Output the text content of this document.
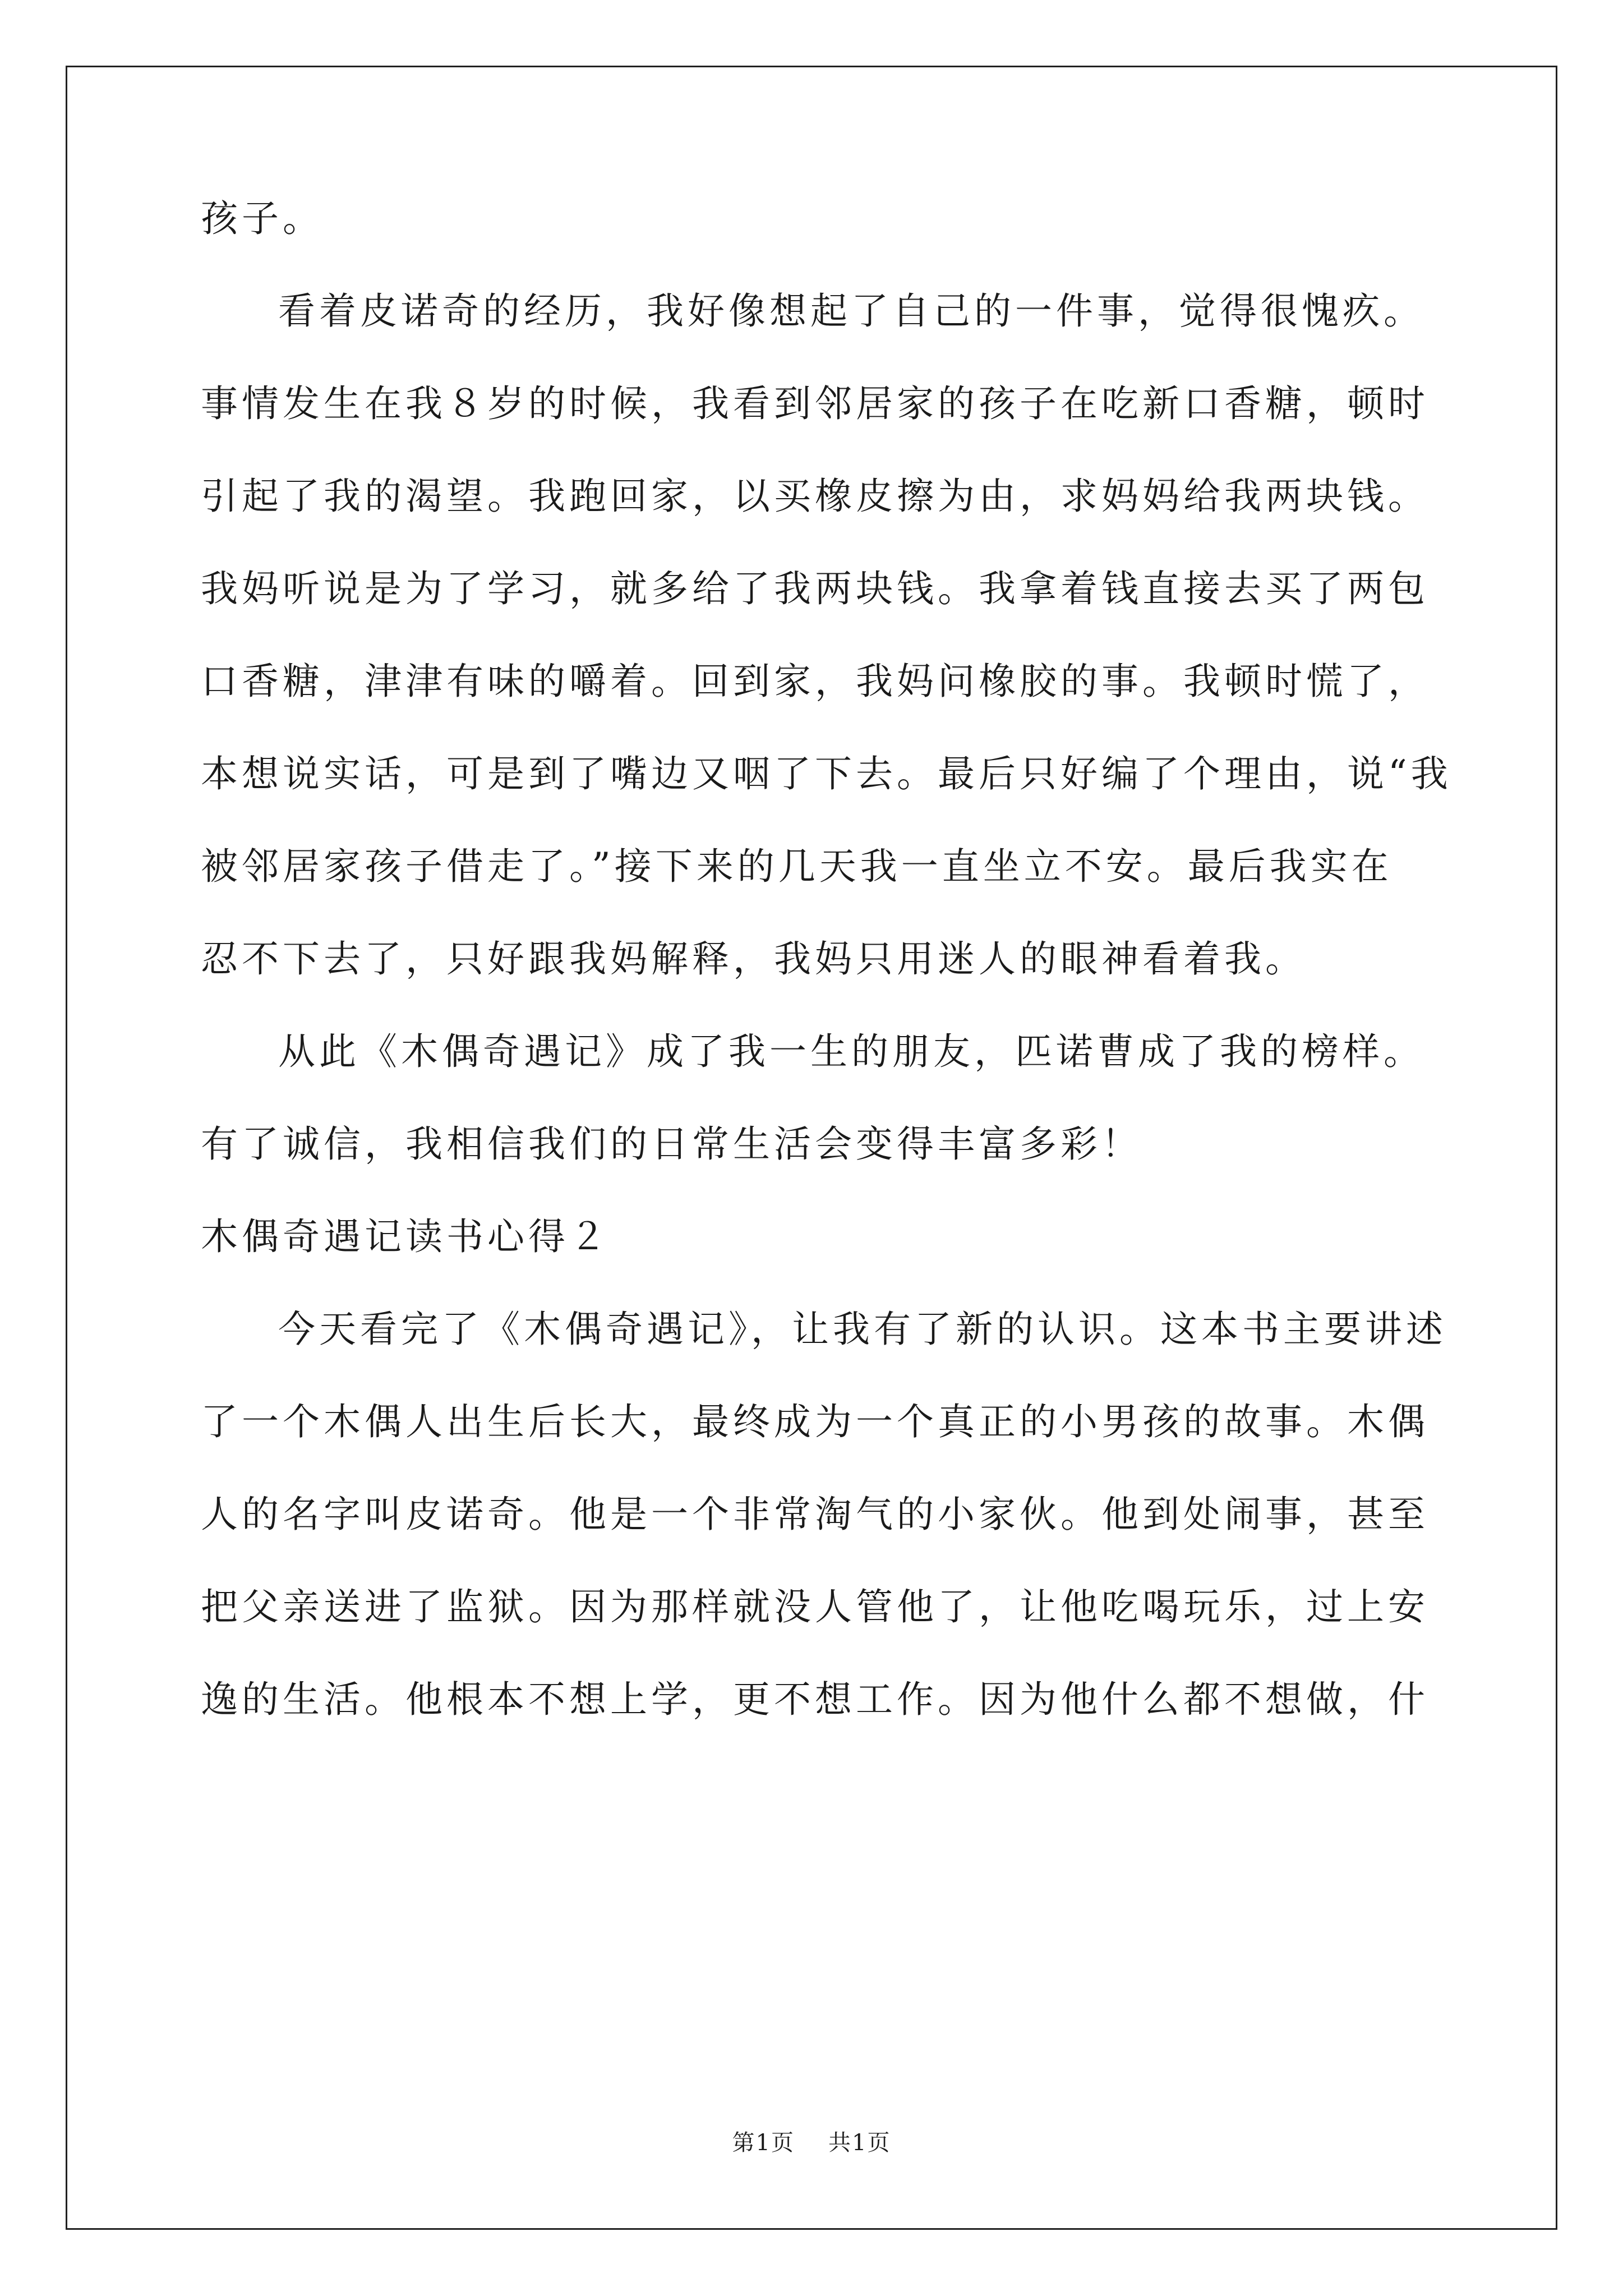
孩子。
看着皮诺奇的经历，我好像想起了自己的一件事，觉得很愧疚。
事情发生在我８岁的时候，我看到邻居家的孩子在吃新口香糖，顿时
引起了我的渴望。我跑回家，以买橡皮擦为由，求妈妈给我两块钱。
我妈听说是为了学习，就多给了我两块钱。我拿着钱直接去买了两包
口香糖，津津有味的嚼着。回到家，我妈问橡胶的事。我顿时慌了，
本想说实话，可是到了嘴边又咽了下去。最后只好编了个理由，说“我
被邻居家孩子借走了。”接下来的几天我一直坐立不安。最后我实在
忍不下去了，只好跟我妈解释，我妈只用迷人的眼神看着我。
从此《木偶奇遇记》成了我一生的朋友，匹诺曹成了我的榜样。
有了诚信，我相信我们的日常生活会变得丰富多彩！
木偶奇遇记读书心得２
今天看完了《木偶奇遇记》，让我有了新的认识。这本书主要讲述
了一个木偶人出生后长大，最终成为一个真正的小男孩的故事。木偶
人的名字叫皮诺奇。他是一个非常淘气的小家伙。他到处闹事，甚至
把父亲送进了监狱。因为那样就没人管他了，让他吃喝玩乐，过上安
逸的生活。他根本不想上学，更不想工作。因为他什么都不想做，什
第1页 共1页
